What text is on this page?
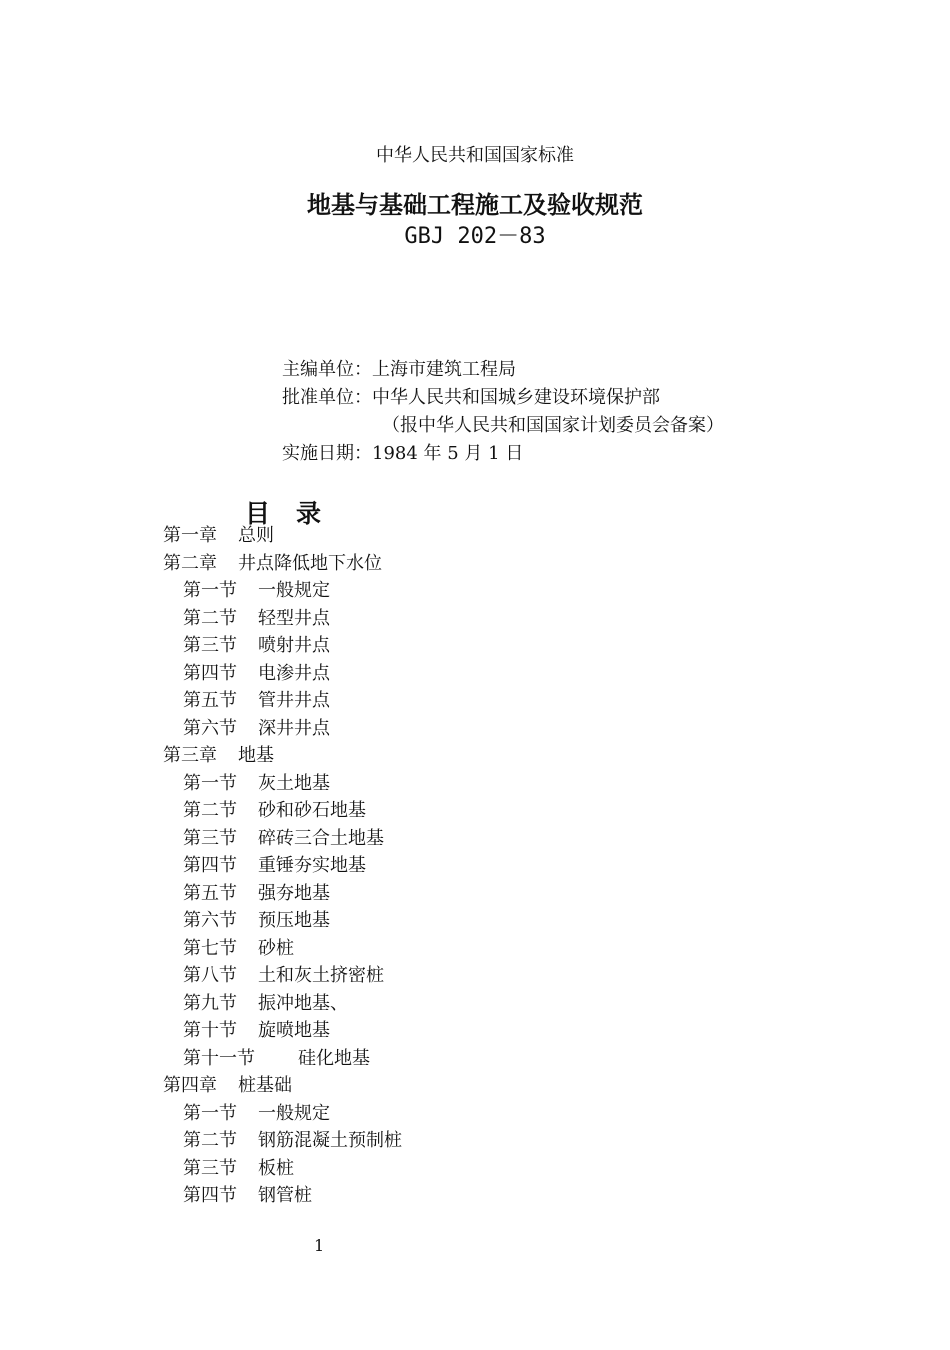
中华人民共和国国家标准
地基与基础工程施工及验收规范
GBJ 202－83
主编单位：上海市建筑工程局
批准单位：中华人民共和国城乡建设环境保护部
（报中华人民共和国国家计划委员会备案）
实施日期：1984 年 5 月 1 日
目录
第一章 总则
第二章 井点降低地下水位
第一节 一般规定
第二节 轻型井点
第三节 喷射井点
第四节 电渗井点
第五节 管井井点
第六节 深井井点
第三章 地基
第一节 灰土地基
第二节 砂和砂石地基
第三节 碎砖三合土地基
第四节 重锤夯实地基
第五节 强夯地基
第六节 预压地基
第七节 砂桩
第八节 土和灰土挤密桩
第九节 振冲地基、
第十节 旋喷地基
第十一节 硅化地基
第四章 桩基础
第一节 一般规定
第二节 钢筋混凝土预制桩
第三节 板桩
第四节 钢管桩
1
